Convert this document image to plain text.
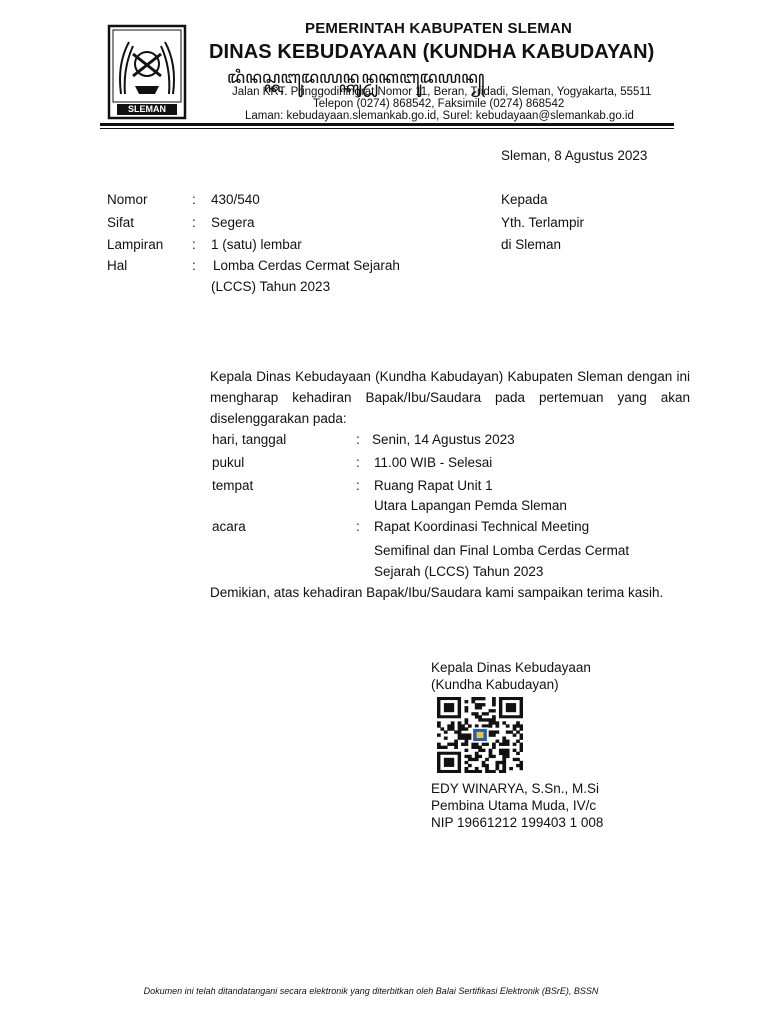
SLEMAN
PEMERINTAH KABUPATEN SLEMAN
DINAS KEBUDAYAAN (KUNDHA KABUDAYAN)
ꦢꦶꦤꦱ꧀ꦏꦧꦸꦢꦪꦤ꧀ꦏꦸꦤ꧀ꦝꦏꦧꦸꦢꦪꦤ꧀
Jalan KRT. Pringgodiningrat Nomor 11, Beran, Tridadi, Sleman, Yogyakarta, 55511
Telepon (0274) 868542, Faksimile (0274) 868542
Laman: kebudayaan.slemankab.go.id, Surel: kebudayaan@slemankab.go.id
Sleman, 8 Agustus 2023
Nomor	: 430/540
Sifat	: Segera
Lampiran : 1 (satu) lembar
Hal	: Lomba Cerdas Cermat Sejarah
(LCCS) Tahun 2023
Kepada
Yth. Terlampir
di Sleman
Kepala Dinas Kebudayaan (Kundha Kabudayan) Kabupaten Sleman dengan ini mengharap kehadiran Bapak/Ibu/Saudara pada pertemuan yang akan diselenggarakan pada:
hari, tanggal	: Senin, 14 Agustus 2023
pukul	: 11.00 WIB - Selesai
tempat	: Ruang Rapat Unit 1
Utara Lapangan Pemda Sleman
acara	: Rapat Koordinasi Technical Meeting
Semifinal dan Final Lomba Cerdas Cermat
Sejarah (LCCS) Tahun 2023
Demikian, atas kehadiran Bapak/Ibu/Saudara kami sampaikan terima kasih.
Kepala Dinas Kebudayaan
(Kundha Kabudayan)
EDY WINARYA, S.Sn., M.Si
Pembina Utama Muda, IV/c
NIP 19661212 199403 1 008
Dokumen ini telah ditandatangani secara elektronik yang diterbitkan oleh Balai Sertifikasi Elektronik (BSrE), BSSN
